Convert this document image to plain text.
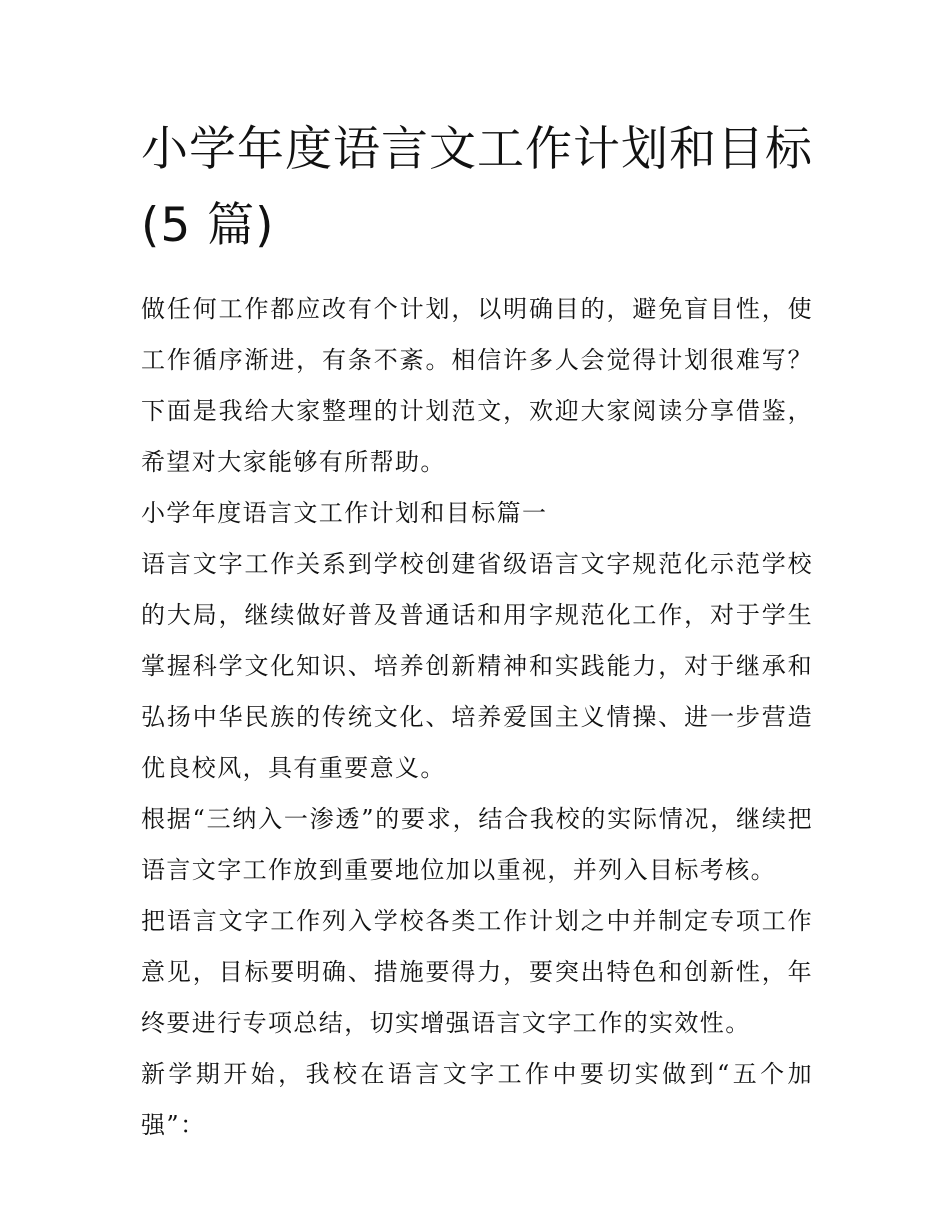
小学年度语言文工作计划和目标(5 篇)

做任何工作都应改有个计划，以明确目的，避免盲目性，使工作循序渐进，有条不紊。相信许多人会觉得计划很难写？下面是我给大家整理的计划范文，欢迎大家阅读分享借鉴，希望对大家能够有所帮助。

小学年度语言文工作计划和目标篇一

语言文字工作关系到学校创建省级语言文字规范化示范学校的大局，继续做好普及普通话和用字规范化工作，对于学生掌握科学文化知识、培养创新精神和实践能力，对于继承和弘扬中华民族的传统文化、培养爱国主义情操、进一步营造优良校风，具有重要意义。

根据“三纳入一渗透”的要求，结合我校的实际情况，继续把语言文字工作放到重要地位加以重视，并列入目标考核。

把语言文字工作列入学校各类工作计划之中并制定专项工作意见，目标要明确、措施要得力，要突出特色和创新性，年终要进行专项总结，切实增强语言文字工作的实效性。

新学期开始，我校在语言文字工作中要切实做到“五个加强”：
